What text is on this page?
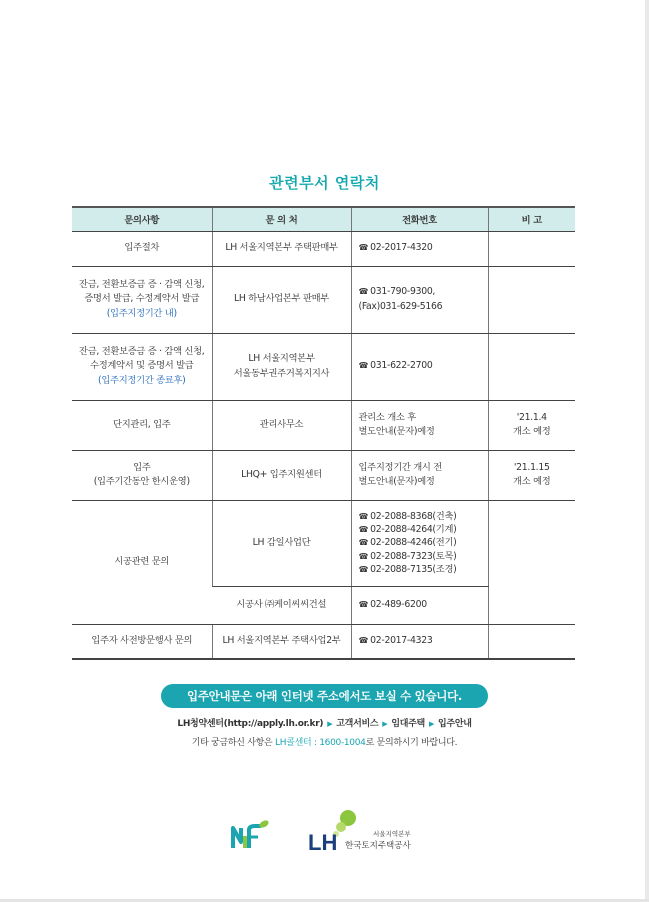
관련부서 연락처
문의사항	문 의 처	전화번호	비 고
입주절차	LH 서울지역본부 주택판매부	☎ 02-2017-4320	

잔금, 전환보증금 증 · 감액 신청,
증명서 발급, 수정계약서 발급
(입주지정기간 내)	LH 하남사업본부 판매부	☎ 031-790-9300,
(Fax)031-629-5166	

잔금, 전환보증금 증 · 감액 신청,
수정계약서 및 증명서 발급
(입주지정기간 종료후)	LH 서울지역본부
서울동부권주거복지지사	☎ 031-622-2700	
단지관리, 입주	관리사무소	관리소 개소 후
별도안내(문자)예정	'21.1.4
개소 예정

입주
(입주기간동안 한시운영)	LHQ+ 입주지원센터	입주지정기간 개시 전
별도안내(문자)예정	'21.1.15
개소 예정

시공관련 문의	LH 감일사업단	☎ 02-2088-8368(건축)
☎ 02-2088-4264(기계)
☎ 02-2088-4246(전기)
☎ 02-2088-7323(토목)
☎ 02-2088-7135(조경)	

	시공사 ㈜케이씨씨건설	☎ 02-489-6200	
입주자 사전방문행사 문의	LH 서울지역본부 주택사업2부	☎ 02-2017-4323	
입주안내문은 아래 인터넷 주소에서도 보실 수 있습니다.
LH청약센터(http://apply.lh.or.kr) ▶ 고객서비스 ▶ 임대주택 ▶ 입주안내
기타 궁금하신 사항은 LH콜센터 : 1600-1004로 문의하시기 바랍니다.
LH	서울지역본부
한국토지주택공사
